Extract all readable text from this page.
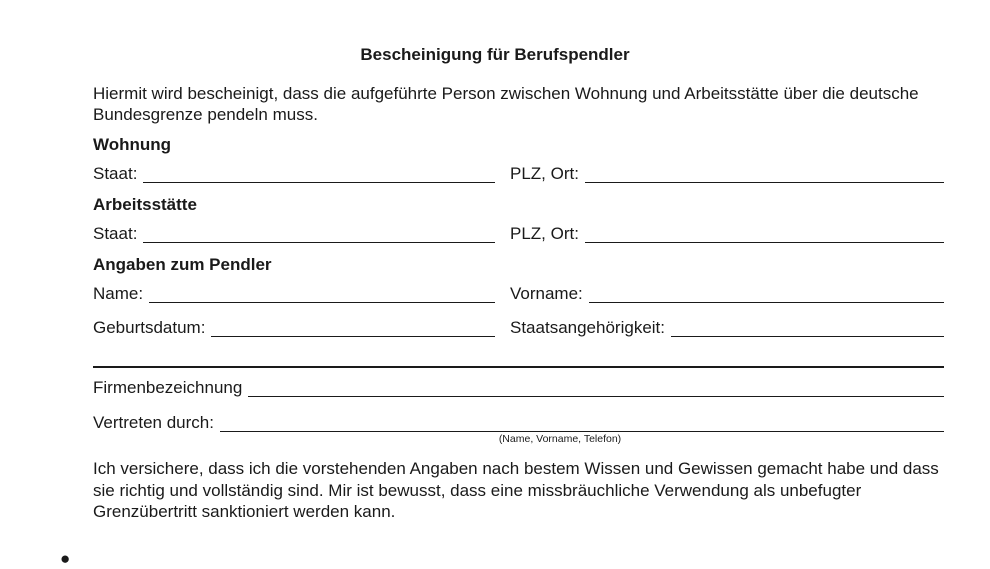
Bescheinigung für Berufspendler
Hiermit wird bescheinigt, dass die aufgeführte Person zwischen Wohnung und Arbeitsstätte über die deutsche Bundesgrenze pendeln muss.
Wohnung
Staat:	PLZ, Ort:
Arbeitsstätte
Staat:	PLZ, Ort:
Angaben zum Pendler
Name:	Vorname:
Geburtsdatum:	Staatsangehörigkeit:
Firmenbezeichnung
Vertreten durch:
(Name, Vorname, Telefon)
Ich versichere, dass ich die vorstehenden Angaben nach bestem Wissen und Gewissen gemacht habe und dass sie richtig und vollständig sind. Mir ist bewusst, dass eine missbräuchliche Verwendung als unbefugter Grenzübertritt sanktioniert werden kann.
●
